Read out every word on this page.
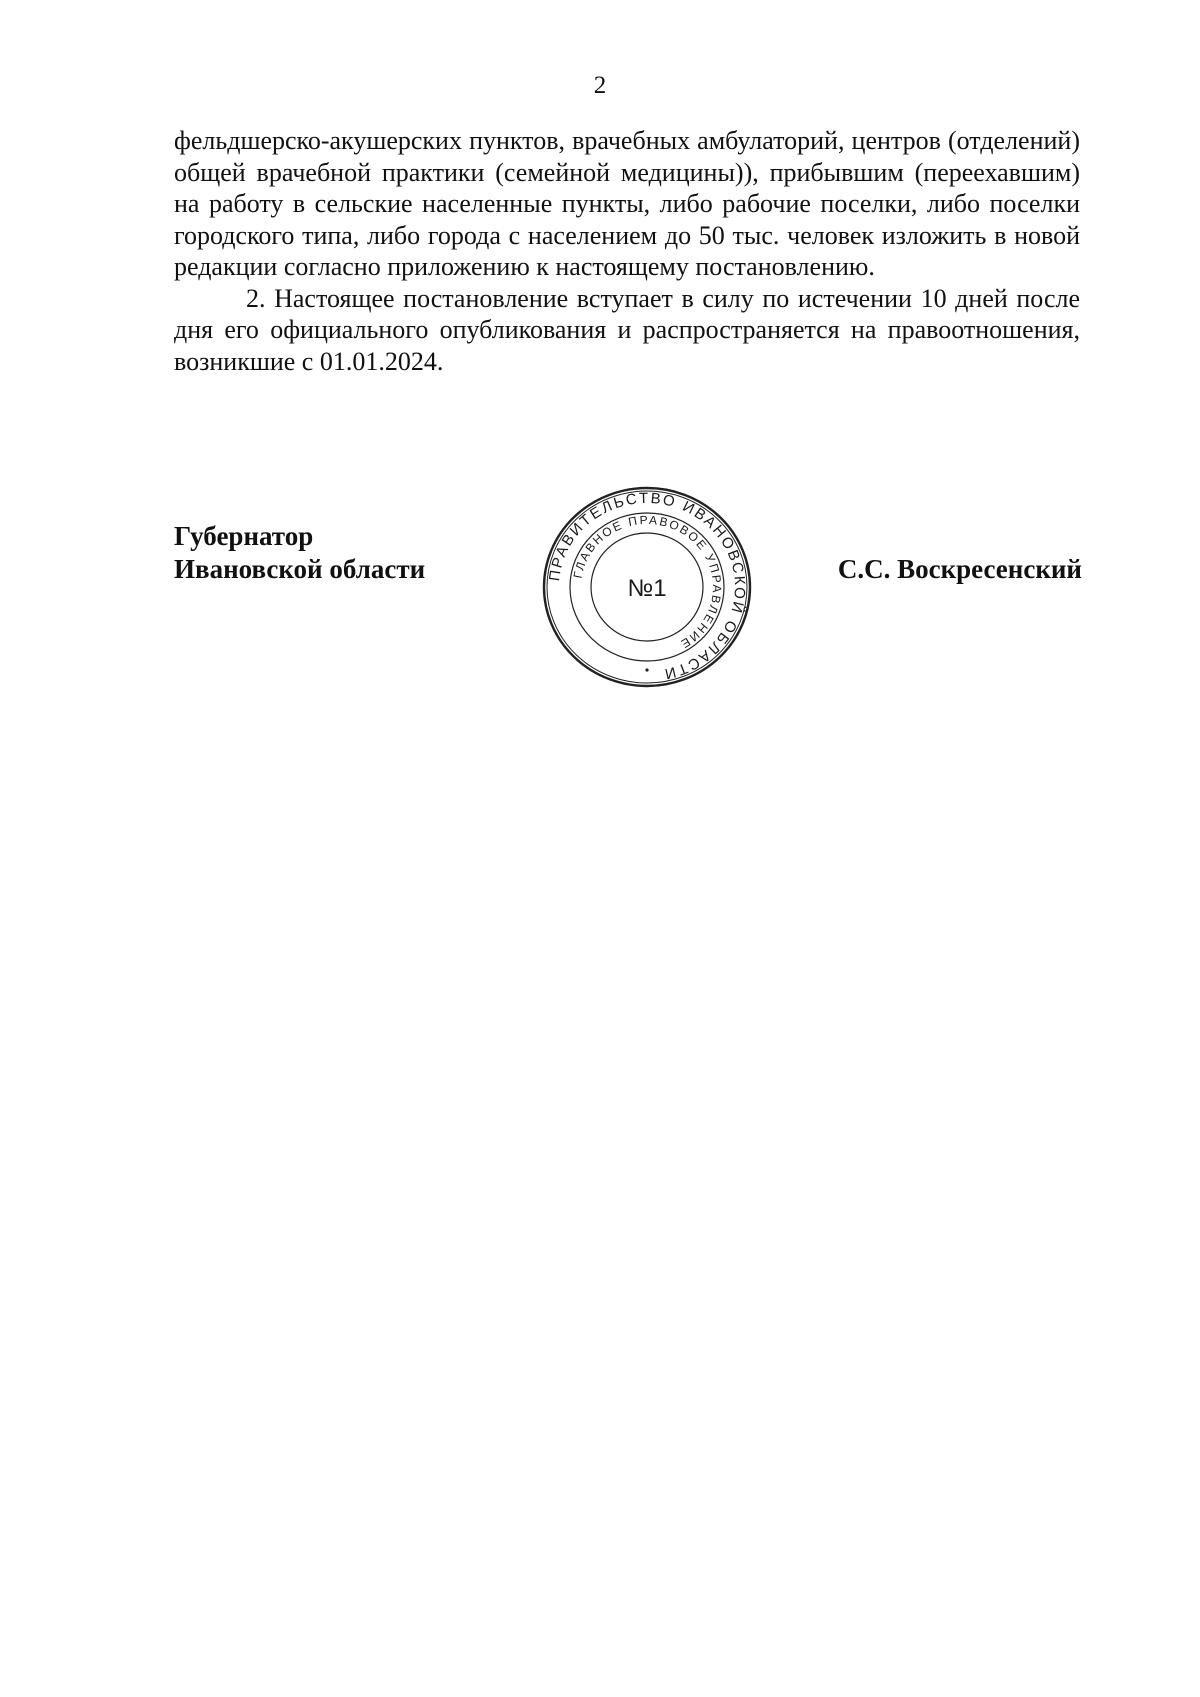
2

фельдшерско-акушерских пунктов, врачебных амбулаторий, центров (отделений) общей врачебной практики (семейной медицины)), прибывшим (переехавшим) на работу в сельские населенные пункты, либо рабочие поселки, либо поселки городского типа, либо города с населением до 50 тыс. человек изложить в новой редакции согласно приложению к настоящему постановлению.

2. Настоящее постановление вступает в силу по истечении 10 дней после дня его официального опубликования и распространяется на правоотношения, возникшие с 01.01.2024.

Губернатор
Ивановской области	ПРАВИТЕЛЬСТВО ИВАНОВСКОЙ ОБЛАСТИ
ГЛАВНОЕ ПРАВОВОЕ УПРАВЛЕНИЕ
№1
С.С. Воскресенский
